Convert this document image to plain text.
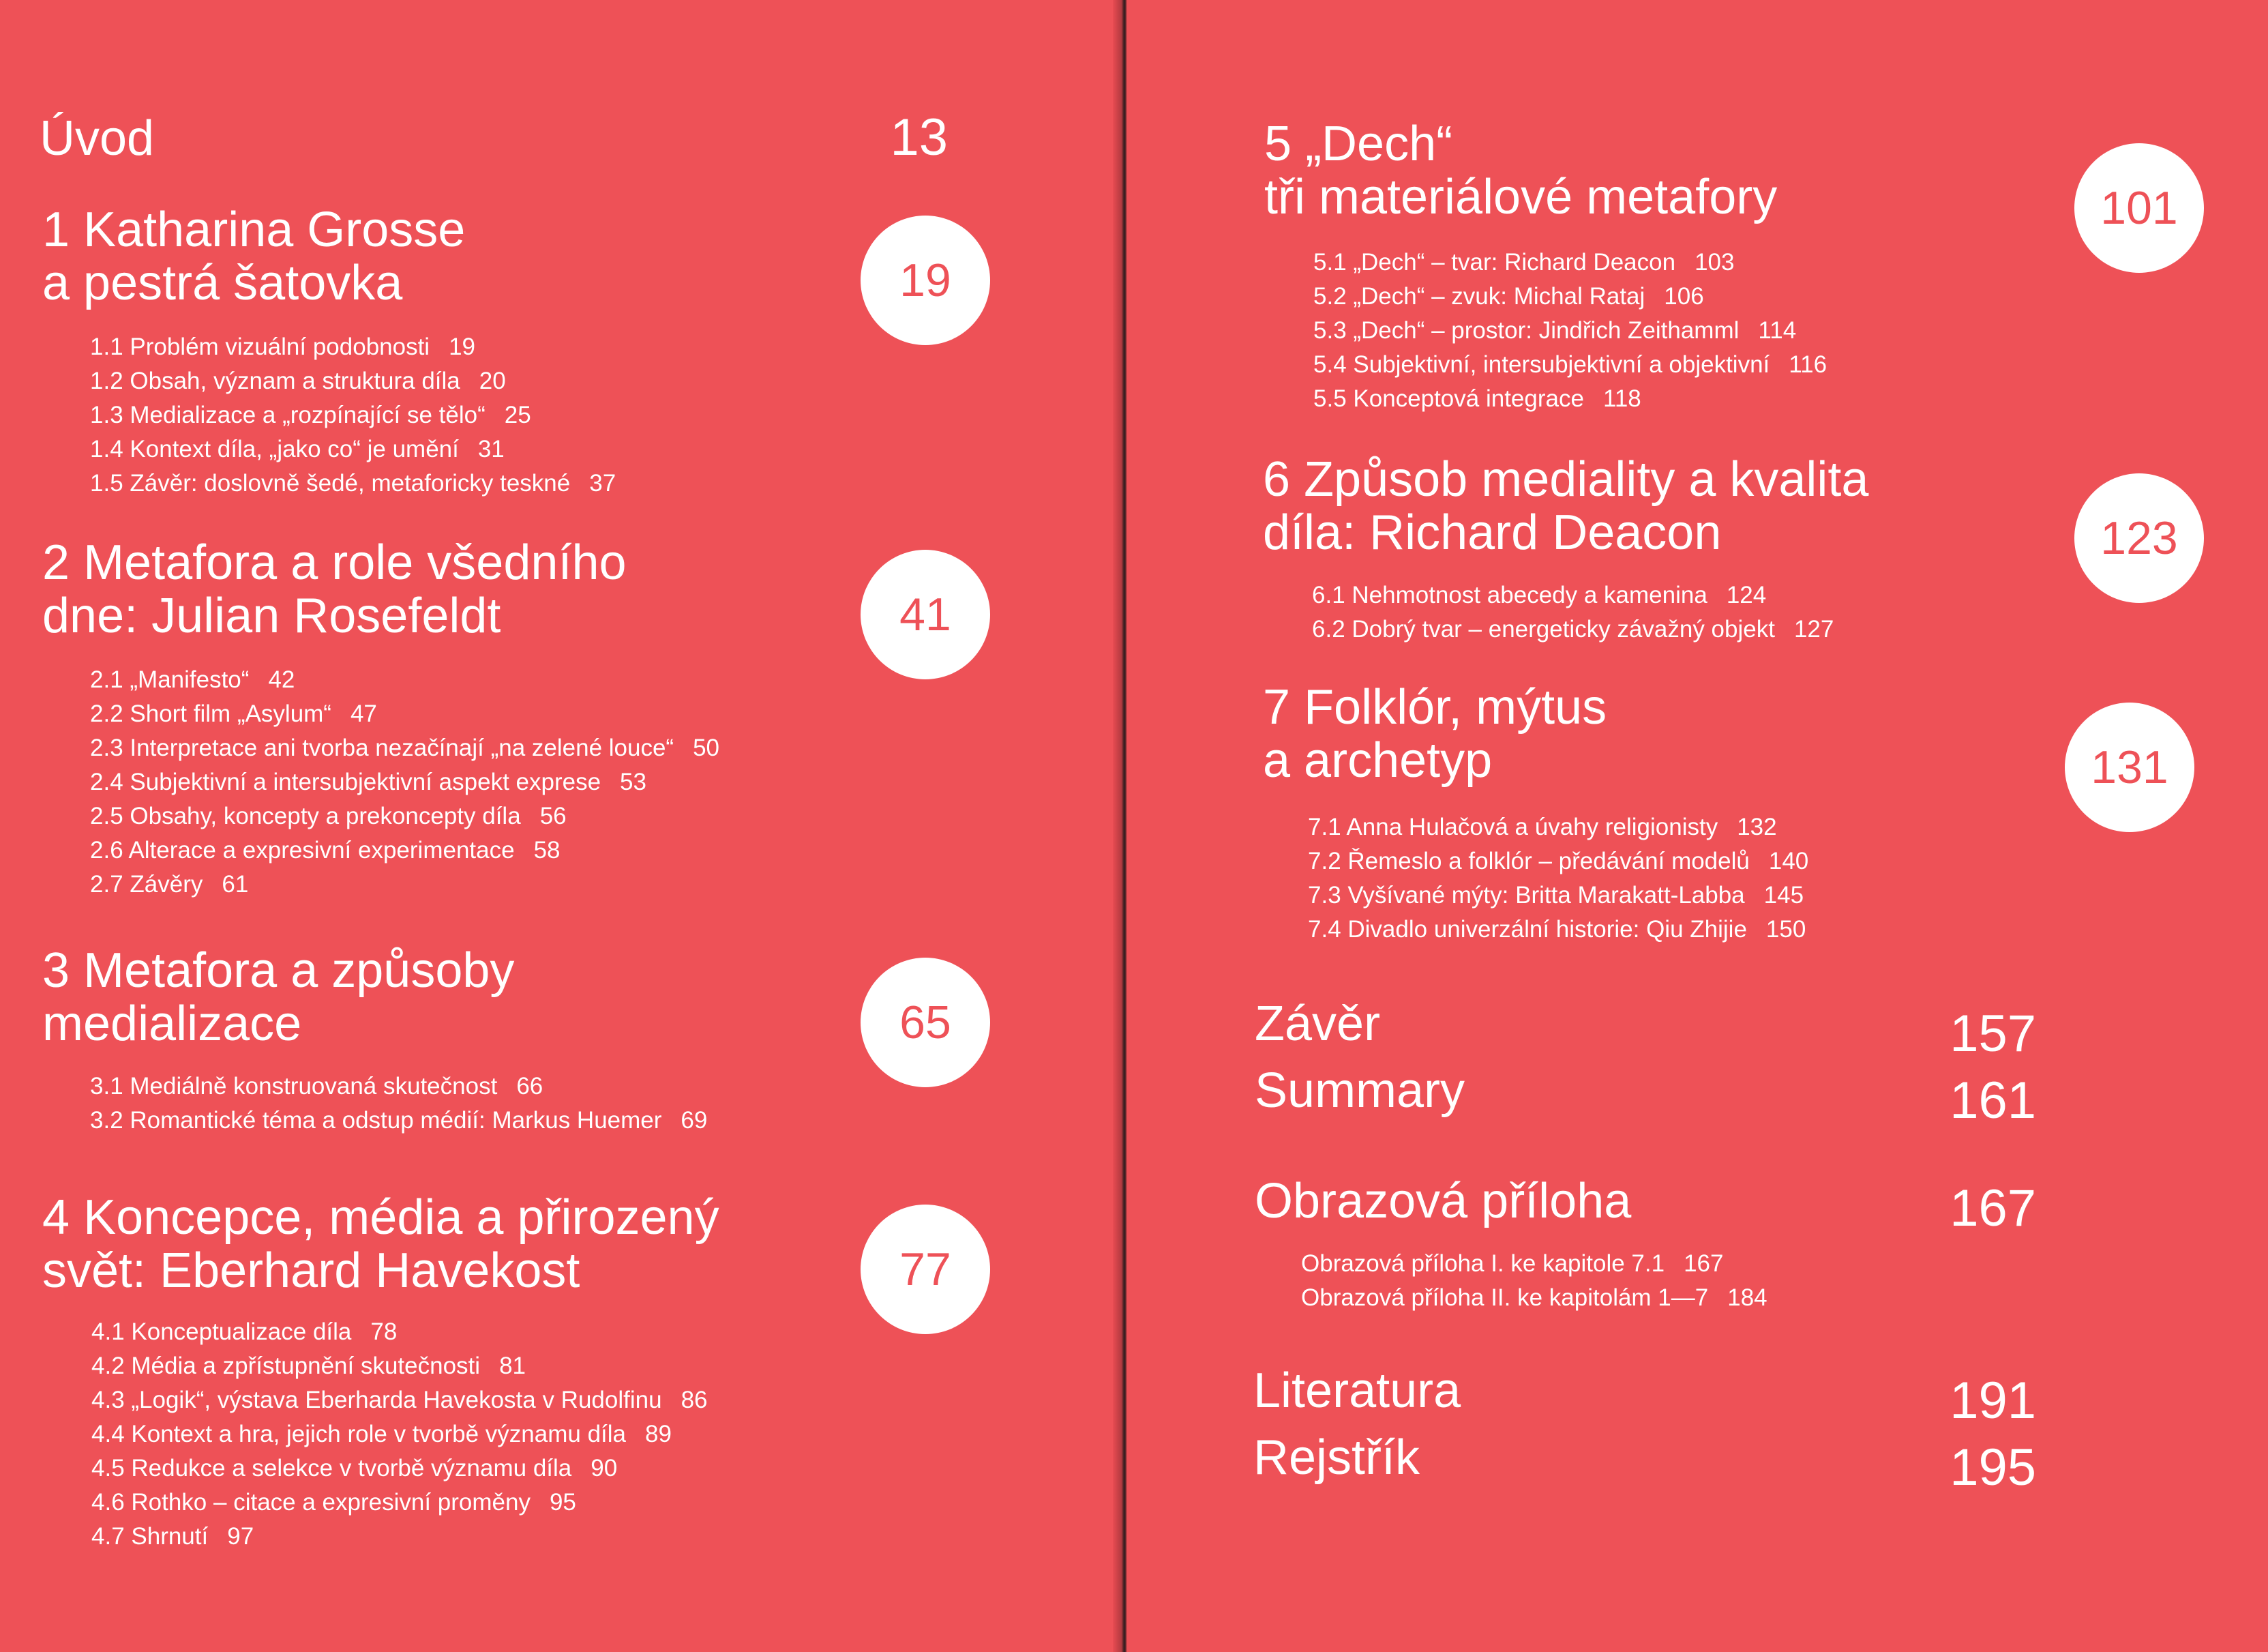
Úvod	13
1 Katharina Grosse
a pestrá šatovka	19
1.1 Problém vizuální podobnosti 19
1.2 Obsah, význam a struktura díla 20
1.3 Medializace a „rozpínající se tělo“ 25
1.4 Kontext díla, „jako co“ je umění 31
1.5 Závěr: doslovně šedé, metaforicky teskné 37
2 Metafora a role všedního
dne: Julian Rosefeldt	41
2.1 „Manifesto“ 42
2.2 Short film „Asylum“ 47
2.3 Interpretace ani tvorba nezačínají „na zelené louce“ 50
2.4 Subjektivní a intersubjektivní aspekt exprese 53
2.5 Obsahy, koncepty a prekoncepty díla 56
2.6 Alterace a expresivní experimentace 58
2.7 Závěry 61
3 Metafora a způsoby
medializace	65
3.1 Mediálně konstruovaná skutečnost 66
3.2 Romantické téma a odstup médií: Markus Huemer 69
4 Koncepce, média a přirozený
svět: Eberhard Havekost	77
4.1 Konceptualizace díla 78
4.2 Média a zpřístupnění skutečnosti 81
4.3 „Logik“, výstava Eberharda Havekosta v Rudolfinu 86
4.4 Kontext a hra, jejich role v tvorbě významu díla 89
4.5 Redukce a selekce v tvorbě významu díla 90
4.6 Rothko – citace a expresivní proměny 95
4.7 Shrnutí 97
5 „Dech“
tři materiálové metafory	101
5.1 „Dech“ – tvar: Richard Deacon 103
5.2 „Dech“ – zvuk: Michal Rataj 106
5.3 „Dech“ – prostor: Jindřich Zeithamml 114
5.4 Subjektivní, intersubjektivní a objektivní 116
5.5 Konceptová integrace 118
6 Způsob mediality a kvalita
díla: Richard Deacon	123
6.1 Nehmotnost abecedy a kamenina 124
6.2 Dobrý tvar – energeticky závažný objekt 127
7 Folklór, mýtus
a archetyp	131
7.1 Anna Hulačová a úvahy religionisty 132
7.2 Řemeslo a folklór – předávání modelů 140
7.3 Vyšívané mýty: Britta Marakatt-Labba 145
7.4 Divadlo univerzální historie: Qiu Zhijie 150
Závěr	157
Summary	161
Obrazová příloha	167
Obrazová příloha I. ke kapitole 7.1 167
Obrazová příloha II. ke kapitolám 1—7 184
Literatura	191
Rejstřík	195
